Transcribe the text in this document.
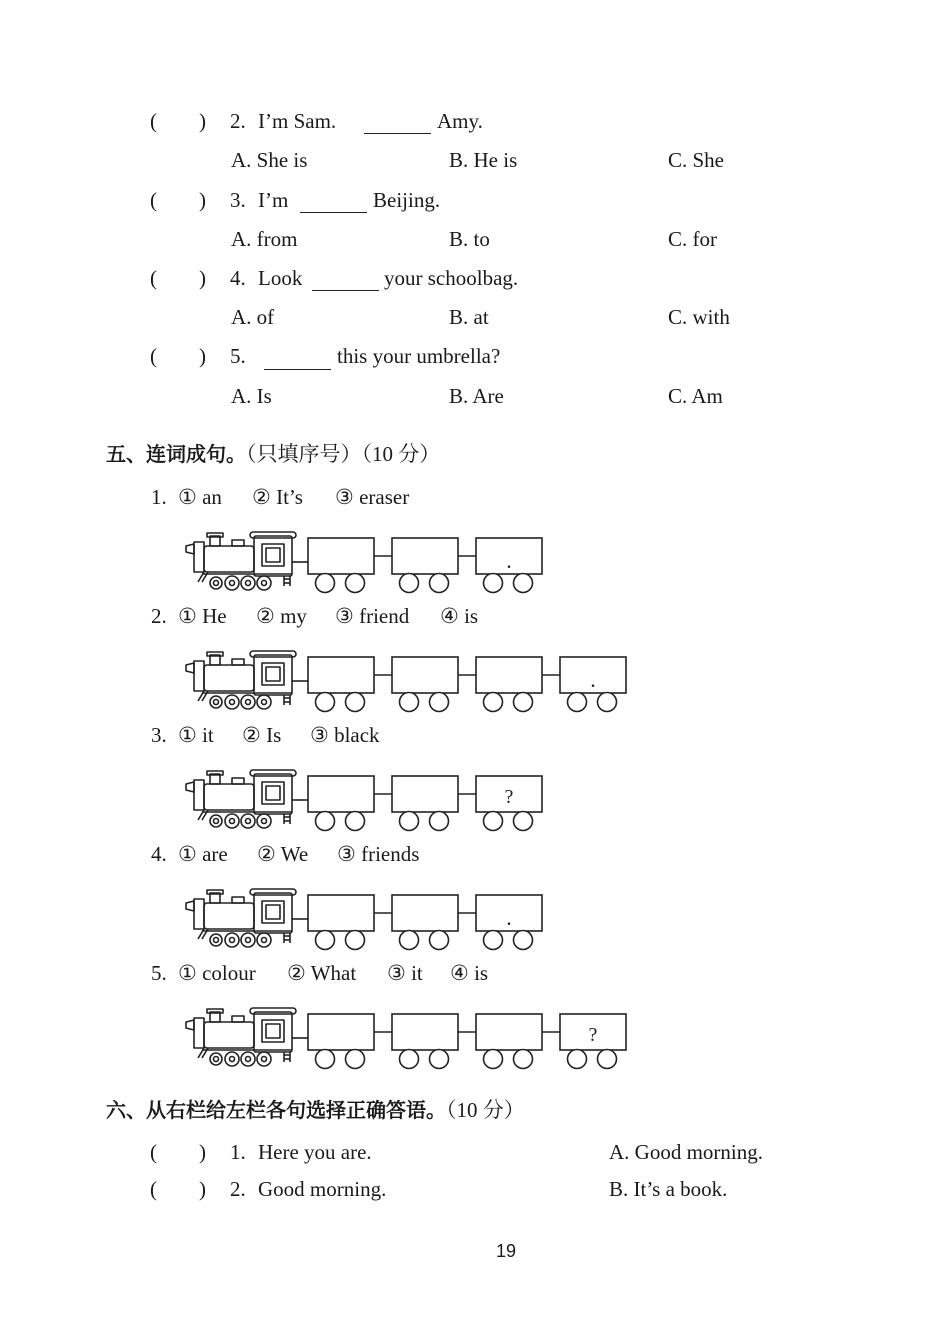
(        ) 2. I’m Sam.	Amy.
A. She is	B. He is	C. She
(        ) 3. I’m	Beijing.
A. from	B. to	C. for
(        ) 4. Look	your schoolbag.
A. of	B. at	C. with
(        ) 5.	this your umbrella?
A. Is	B. Are	C. Am
五、连词成句。（只填序号）（10 分）
1. ① an ② It’s ③ eraser
2. ① He ② my ③ friend ④ is
3. ① it ② Is ③ black
4. ① are ② We ③ friends
5. ① colour ② What ③ it ④ is
.
.
?
.
?
六、从右栏给左栏各句选择正确答语。（10 分）
(        ) 1. Here you are.	A. Good morning.
(        ) 2. Good morning.	B. It’s a book.
19
